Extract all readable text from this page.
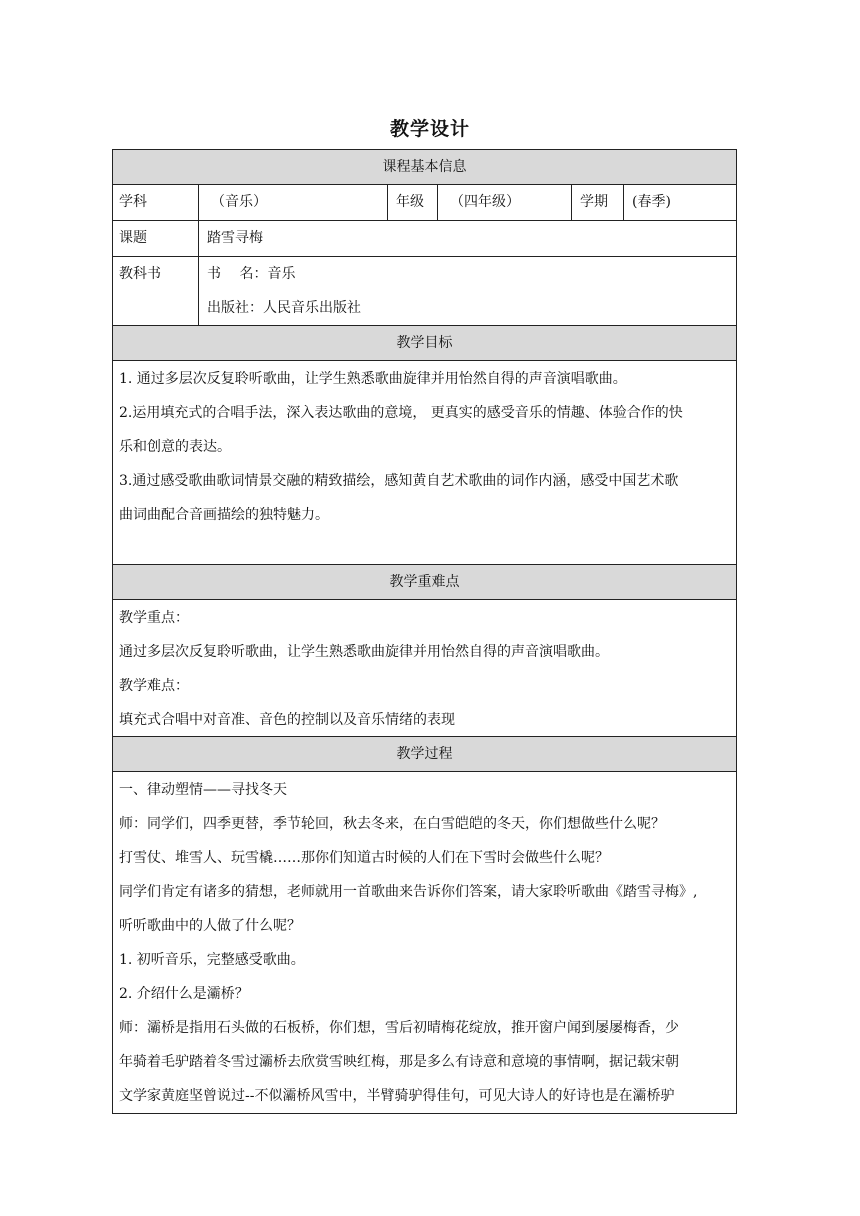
教学设计
课程基本信息
学科	（音乐）	年级	（四年级）	学期	(春季)
课题	踏雪寻梅
教科书	书　 名：音乐
出版社：人民音乐出版社
教学目标
1. 通过多层次反复聆听歌曲，让学生熟悉歌曲旋律并用怡然自得的声音演唱歌曲。
2.运用填充式的合唱手法，深入表达歌曲的意境， 更真实的感受音乐的情趣、体验合作的快
乐和创意的表达。
3.通过感受歌曲歌词情景交融的精致描绘，感知黄自艺术歌曲的词作内涵，感受中国艺术歌
曲词曲配合音画描绘的独特魅力。
教学重难点
教学重点：
通过多层次反复聆听歌曲，让学生熟悉歌曲旋律并用怡然自得的声音演唱歌曲。
教学难点：
填充式合唱中对音准、音色的控制以及音乐情绪的表现
教学过程
一、律动塑情——寻找冬天
师：同学们，四季更替，季节轮回，秋去冬来，在白雪皑皑的冬天，你们想做些什么呢？
打雪仗、堆雪人、玩雪橇……那你们知道古时候的人们在下雪时会做些什么呢？
同学们肯定有诸多的猜想，老师就用一首歌曲来告诉你们答案，请大家聆听歌曲《踏雪寻梅》,
听听歌曲中的人做了什么呢？
1. 初听音乐，完整感受歌曲。
2. 介绍什么是灞桥？
师：灞桥是指用石头做的石板桥，你们想，雪后初晴梅花绽放，推开窗户闻到屡屡梅香，少
年骑着毛驴踏着冬雪过灞桥去欣赏雪映红梅，那是多么有诗意和意境的事情啊，据记载宋朝
文学家黄庭坚曾说过--不似灞桥风雪中，半臂骑驴得佳句，可见大诗人的好诗也是在灞桥驴
